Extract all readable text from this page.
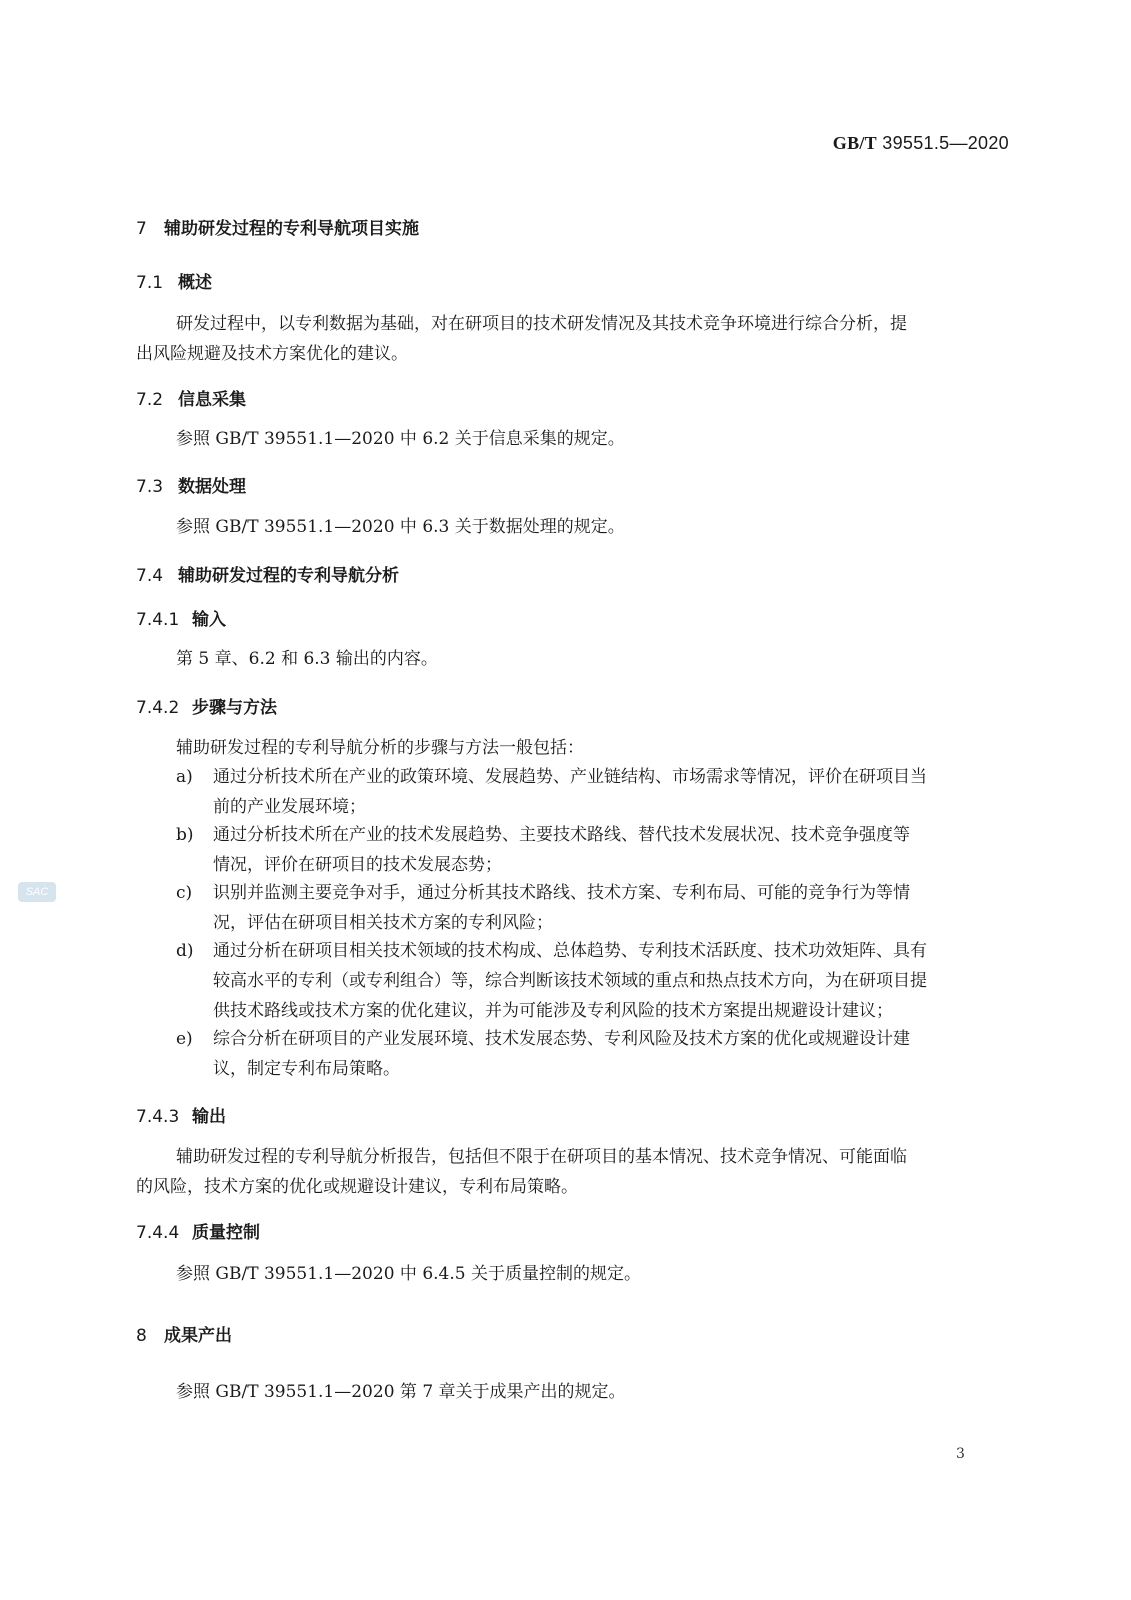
GB/T 39551.5—2020
7 辅助研发过程的专利导航项目实施
7.1 概述
研发过程中，以专利数据为基础，对在研项目的技术研发情况及其技术竞争环境进行综合分析，提
出风险规避及技术方案优化的建议。
7.2 信息采集
参照 GB/T 39551.1—2020 中 6.2 关于信息采集的规定。
7.3 数据处理
参照 GB/T 39551.1—2020 中 6.3 关于数据处理的规定。
7.4 辅助研发过程的专利导航分析
7.4.1 输入
第 5 章、6.2 和 6.3 输出的内容。
7.4.2 步骤与方法
辅助研发过程的专利导航分析的步骤与方法一般包括：
a)	通过分析技术所在产业的政策环境、发展趋势、产业链结构、市场需求等情况，评价在研项目当
前的产业发展环境；
b)	通过分析技术所在产业的技术发展趋势、主要技术路线、替代技术发展状况、技术竞争强度等
情况，评价在研项目的技术发展态势；
c)	识别并监测主要竞争对手，通过分析其技术路线、技术方案、专利布局、可能的竞争行为等情
况，评估在研项目相关技术方案的专利风险；
d)	通过分析在研项目相关技术领域的技术构成、总体趋势、专利技术活跃度、技术功效矩阵、具有
较高水平的专利（或专利组合）等，综合判断该技术领域的重点和热点技术方向，为在研项目提
供技术路线或技术方案的优化建议，并为可能涉及专利风险的技术方案提出规避设计建议；
e)	综合分析在研项目的产业发展环境、技术发展态势、专利风险及技术方案的优化或规避设计建
议，制定专利布局策略。
7.4.3 输出
辅助研发过程的专利导航分析报告，包括但不限于在研项目的基本情况、技术竞争情况、可能面临
的风险，技术方案的优化或规避设计建议，专利布局策略。
7.4.4 质量控制
参照 GB/T 39551.1—2020 中 6.4.5 关于质量控制的规定。
8 成果产出
参照 GB/T 39551.1—2020 第 7 章关于成果产出的规定。
3
SAC
